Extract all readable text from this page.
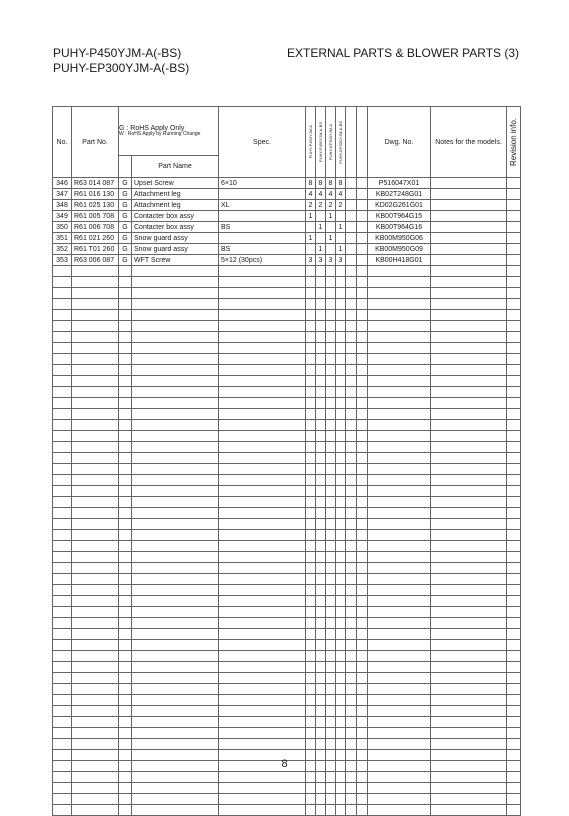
PUHY-P450YJM-A(-BS)
PUHY-EP300YJM-A(-BS)
EXTERNAL PARTS & BLOWER PARTS (3)
No.	Part No.	G : RoHS Apply Only
W : RoHS Apply by Running Change		Spec.	PUHY-P450YJM-A	PUHY-P450YJM-A-BS	PUHY-EP300YJM-A	PUHY-EP300YJM-A-BS			Dwg. No.	Notes for the models.	Revision info.

			Part Name										
346	R63 014 087	G	Upset Screw	6×10	8	8	8	8			P516047X01		
347	R61 016 130	G	Attachment leg		4	4	4	4			KB02T248G01		
348	R61 025 130	G	Attachment leg	XL	2	2	2	2			KD02G261G01		
349	R61 005 708	G	Contacter box assy		1		1				KB00T964G15		
350	R61 006 708	G	Contacter box assy	BS		1		1			KB00T964G16		
351	R61 021 260	G	Snow guard assy		1		1				KB00M950G06		
352	R61 T01 260	G	Snow guard assy	BS		1		1			KB00M950G09		
353	R63 006 087	G	WFT Screw	5×12 (30pcs)	3	3	3	3			KB00H418G01		

8
